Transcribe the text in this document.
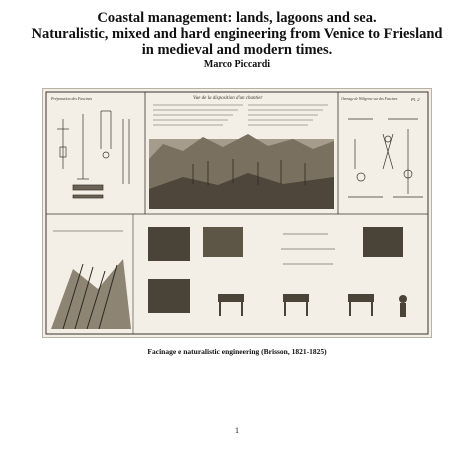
Coastal management: lands, lagoons and sea.
Naturalistic, mixed and hard engineering from Venice to Friesland
in medieval and modern times.
Marco Piccardi
Préparation des Fascines	Vue de la disposition d'un chantier	Ouvrage de Wiligrene sur des Fascines	Pl. 2
Facinage e naturalistic engineering (Brisson, 1821-1825)
1
